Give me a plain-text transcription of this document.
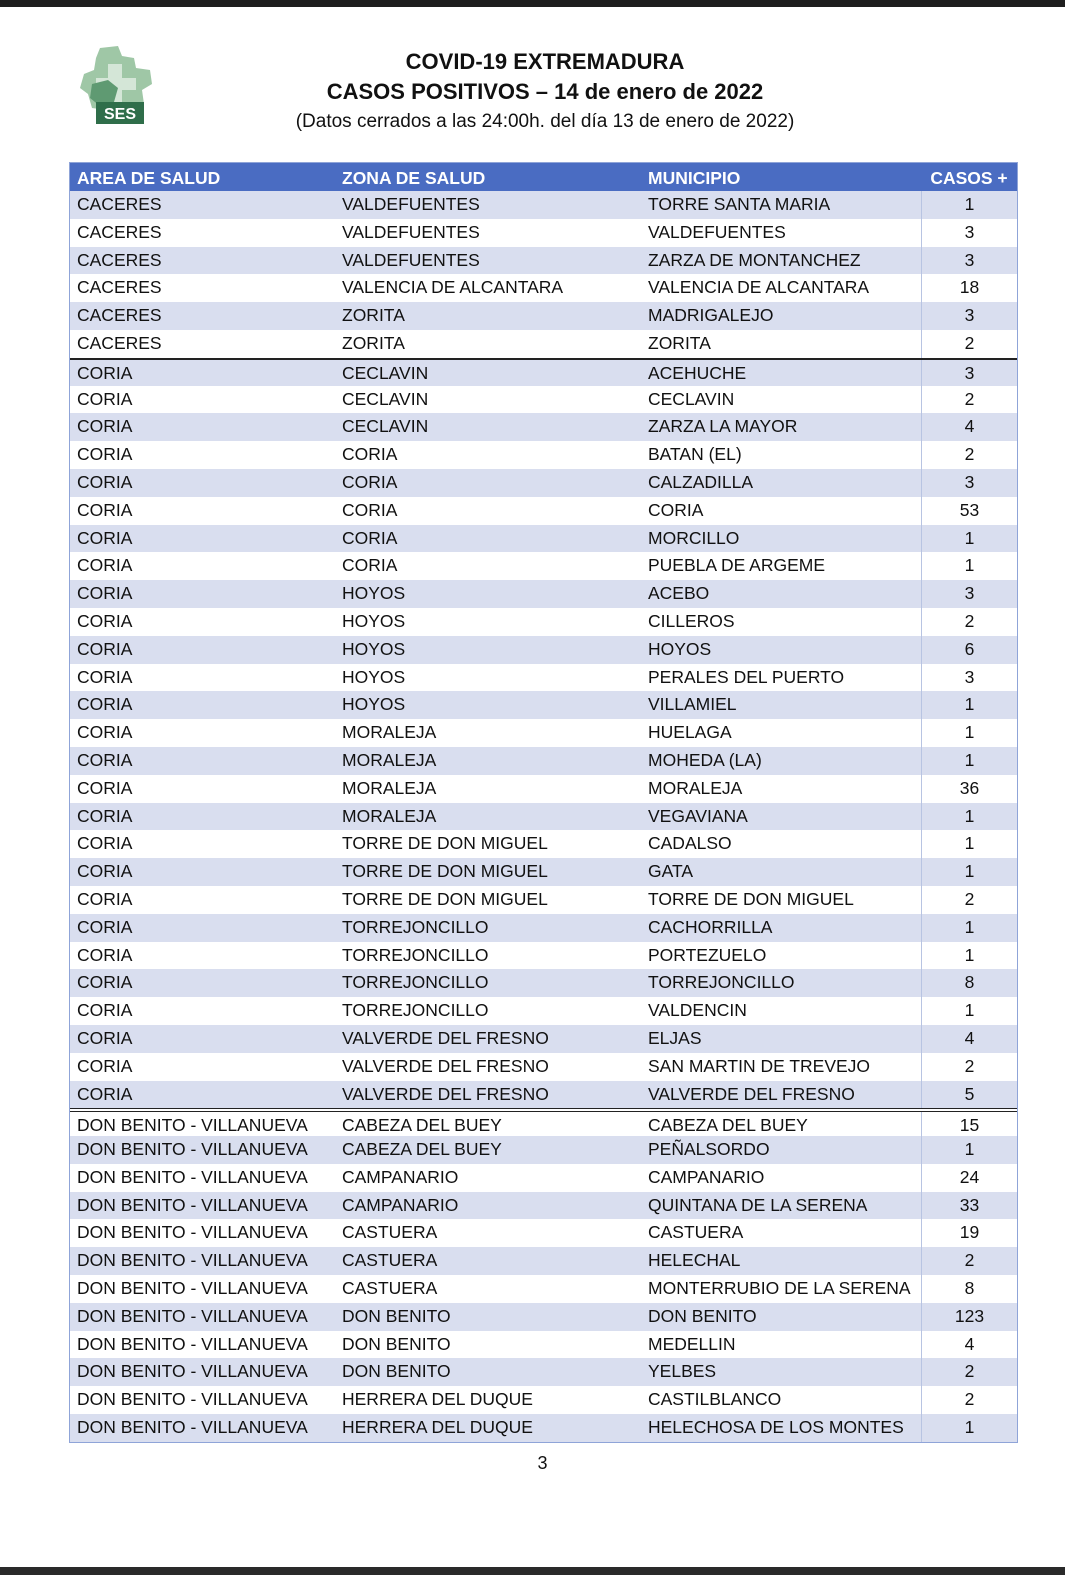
SES
COVID-19 EXTREMADURA
CASOS POSITIVOS – 14 de enero de 2022
(Datos cerrados a las 24:00h. del día 13 de enero de 2022)
AREA DE SALUD	ZONA DE SALUD	MUNICIPIO	CASOS +
CACERES	VALDEFUENTES	TORRE SANTA MARIA	1
CACERES	VALDEFUENTES	VALDEFUENTES	3
CACERES	VALDEFUENTES	ZARZA DE MONTANCHEZ	3
CACERES	VALENCIA DE ALCANTARA	VALENCIA DE ALCANTARA	18
CACERES	ZORITA	MADRIGALEJO	3
CACERES	ZORITA	ZORITA	2
CORIA	CECLAVIN	ACEHUCHE	3
CORIA	CECLAVIN	CECLAVIN	2
CORIA	CECLAVIN	ZARZA LA MAYOR	4
CORIA	CORIA	BATAN (EL)	2
CORIA	CORIA	CALZADILLA	3
CORIA	CORIA	CORIA	53
CORIA	CORIA	MORCILLO	1
CORIA	CORIA	PUEBLA DE ARGEME	1
CORIA	HOYOS	ACEBO	3
CORIA	HOYOS	CILLEROS	2
CORIA	HOYOS	HOYOS	6
CORIA	HOYOS	PERALES DEL PUERTO	3
CORIA	HOYOS	VILLAMIEL	1
CORIA	MORALEJA	HUELAGA	1
CORIA	MORALEJA	MOHEDA (LA)	1
CORIA	MORALEJA	MORALEJA	36
CORIA	MORALEJA	VEGAVIANA	1
CORIA	TORRE DE DON MIGUEL	CADALSO	1
CORIA	TORRE DE DON MIGUEL	GATA	1
CORIA	TORRE DE DON MIGUEL	TORRE DE DON MIGUEL	2
CORIA	TORREJONCILLO	CACHORRILLA	1
CORIA	TORREJONCILLO	PORTEZUELO	1
CORIA	TORREJONCILLO	TORREJONCILLO	8
CORIA	TORREJONCILLO	VALDENCIN	1
CORIA	VALVERDE DEL FRESNO	ELJAS	4
CORIA	VALVERDE DEL FRESNO	SAN MARTIN DE TREVEJO	2
CORIA	VALVERDE DEL FRESNO	VALVERDE DEL FRESNO	5
DON BENITO - VILLANUEVA	CABEZA DEL BUEY	CABEZA DEL BUEY	15
DON BENITO - VILLANUEVA	CABEZA DEL BUEY	PEÑALSORDO	1
DON BENITO - VILLANUEVA	CAMPANARIO	CAMPANARIO	24
DON BENITO - VILLANUEVA	CAMPANARIO	QUINTANA DE LA SERENA	33
DON BENITO - VILLANUEVA	CASTUERA	CASTUERA	19
DON BENITO - VILLANUEVA	CASTUERA	HELECHAL	2
DON BENITO - VILLANUEVA	CASTUERA	MONTERRUBIO DE LA SERENA	8
DON BENITO - VILLANUEVA	DON BENITO	DON BENITO	123
DON BENITO - VILLANUEVA	DON BENITO	MEDELLIN	4
DON BENITO - VILLANUEVA	DON BENITO	YELBES	2
DON BENITO - VILLANUEVA	HERRERA DEL DUQUE	CASTILBLANCO	2
DON BENITO - VILLANUEVA	HERRERA DEL DUQUE	HELECHOSA DE LOS MONTES	1
3
